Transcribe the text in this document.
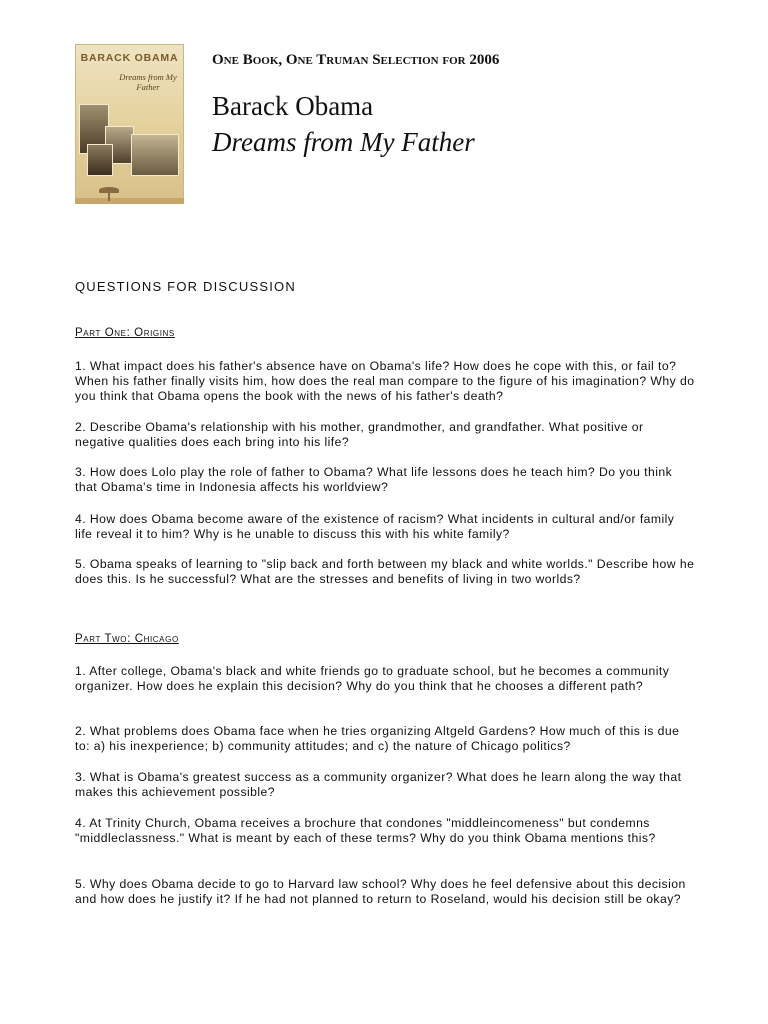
BARACK OBAMA
Dreams from My Father
One Book, One Truman Selection for 2006
Barack Obama
Dreams from My Father
QUESTIONS FOR DISCUSSION
Part One: Origins
1. What impact does his father's absence have on Obama's life? How does he cope with this, or fail to? When his father finally visits him, how does the real man compare to the figure of his imagination? Why do you think that Obama opens the book with the news of his father's death?
2. Describe Obama's relationship with his mother, grandmother, and grandfather. What positive or negative qualities does each bring into his life?
3. How does Lolo play the role of father to Obama? What life lessons does he teach him? Do you think that Obama's time in Indonesia affects his worldview?
4. How does Obama become aware of the existence of racism? What incidents in cultural and/or family life reveal it to him? Why is he unable to discuss this with his white family?
5. Obama speaks of learning to "slip back and forth between my black and white worlds." Describe how he does this. Is he successful? What are the stresses and benefits of living in two worlds?
Part Two: Chicago
1. After college, Obama's black and white friends go to graduate school, but he becomes a community organizer. How does he explain this decision? Why do you think that he chooses a different path?
2. What problems does Obama face when he tries organizing Altgeld Gardens? How much of this is due to: a) his inexperience; b) community attitudes; and c) the nature of Chicago politics?
3. What is Obama's greatest success as a community organizer? What does he learn along the way that makes this achievement possible?
4. At Trinity Church, Obama receives a brochure that condones "middleincomeness" but condemns "middleclassness." What is meant by each of these terms? Why do you think Obama mentions this?
5. Why does Obama decide to go to Harvard law school? Why does he feel defensive about this decision and how does he justify it? If he had not planned to return to Roseland, would his decision still be okay?
